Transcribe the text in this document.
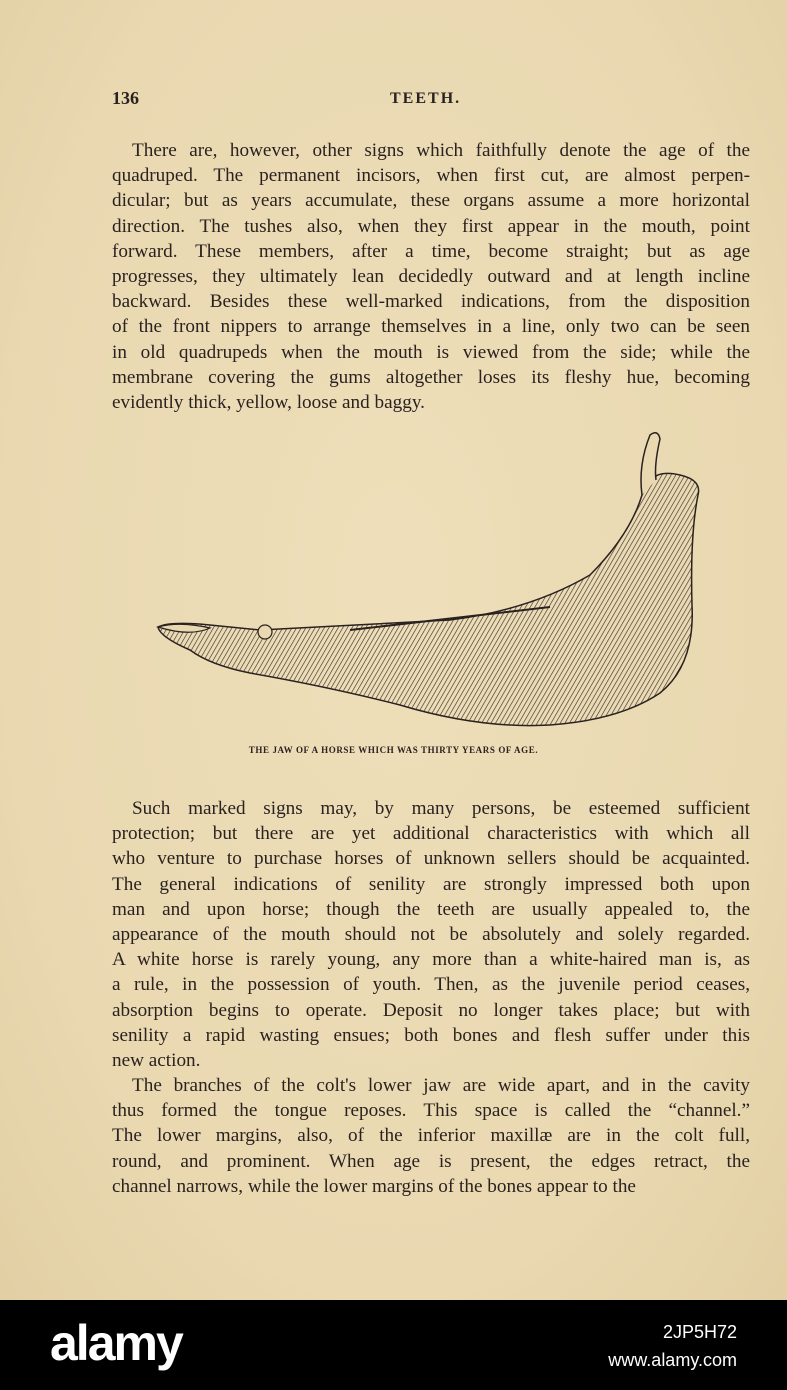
136	TEETH.
There are, however, other signs which faithfully denote the age of the
quadruped. The permanent incisors, when first cut, are almost perpen-
dicular; but as years accumulate, these organs assume a more horizontal
direction. The tushes also, when they first appear in the mouth, point
forward. These members, after a time, become straight; but as age
progresses, they ultimately lean decidedly outward and at length incline
backward. Besides these well-marked indications, from the disposition
of the front nippers to arrange themselves in a line, only two can be seen
in old quadrupeds when the mouth is viewed from the side; while the
membrane covering the gums altogether loses its fleshy hue, becoming
evidently thick, yellow, loose and baggy.
THE JAW OF A HORSE WHICH WAS THIRTY YEARS OF AGE.
Such marked signs may, by many persons, be esteemed sufficient
protection; but there are yet additional characteristics with which all
who venture to purchase horses of unknown sellers should be acquainted.
The general indications of senility are strongly impressed both upon
man and upon horse; though the teeth are usually appealed to, the
appearance of the mouth should not be absolutely and solely regarded.
A white horse is rarely young, any more than a white-haired man is, as
a rule, in the possession of youth. Then, as the juvenile period ceases,
absorption begins to operate. Deposit no longer takes place; but with
senility a rapid wasting ensues; both bones and flesh suffer under this
new action.
The branches of the colt's lower jaw are wide apart, and in the cavity
thus formed the tongue reposes. This space is called the “channel.”
The lower margins, also, of the inferior maxillæ are in the colt full,
round, and prominent. When age is present, the edges retract, the
channel narrows, while the lower margins of the bones appear to the
alamy	2JP5H72
www.alamy.com
